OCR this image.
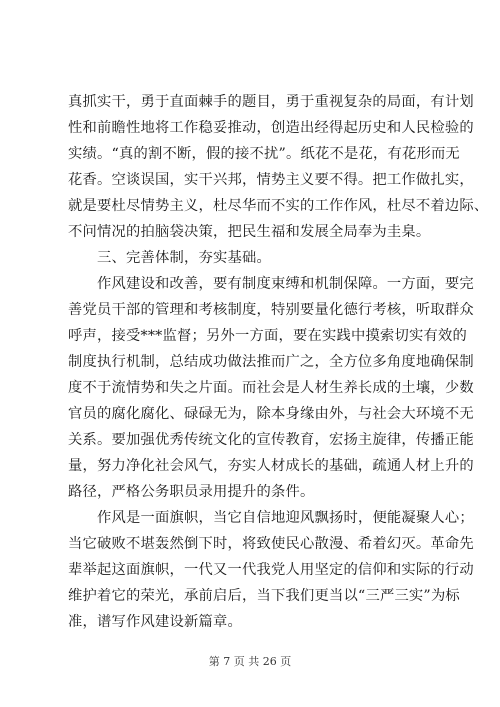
真抓实干，勇于直面棘手的题目，勇于重视复杂的局面，有计划
性和前瞻性地将工作稳妥推动，创造出经得起历史和人民检验的
实绩。“真的割不断，假的接不扰”。纸花不是花，有花形而无
花香。空谈误国，实干兴邦，情势主义要不得。把工作做扎实，
就是要杜尽情势主义，杜尽华而不实的工作作风，杜尽不着边际、
不问情况的拍脑袋决策，把民生福和发展全局奉为圭臬。

三、完善体制，夯实基础。

作风建设和改善，要有制度束缚和机制保障。一方面，要完
善党员干部的管理和考核制度，特别要量化德行考核，听取群众
呼声，接受***监督；另外一方面，要在实践中摸索切实有效的
制度执行机制，总结成功做法推而广之，全方位多角度地确保制
度不于流情势和失之片面。而社会是人材生养长成的土壤，少数
官员的腐化腐化、碌碌无为，除本身缘由外，与社会大环境不无
关系。要加强优秀传统文化的宣传教育，宏扬主旋律，传播正能
量，努力净化社会风气，夯实人材成长的基础，疏通人材上升的
路径，严格公务职员录用提升的条件。

作风是一面旗帜，当它自信地迎风飘扬时，便能凝聚人心；
当它破败不堪轰然倒下时，将致使民心散漫、希着幻灭。革命先
辈举起这面旗帜，一代又一代我党人用坚定的信仰和实际的行动
维护着它的荣光，承前启后，当下我们更当以“三严三实”为标
准，谱写作风建设新篇章。

第 7 页 共 26 页
